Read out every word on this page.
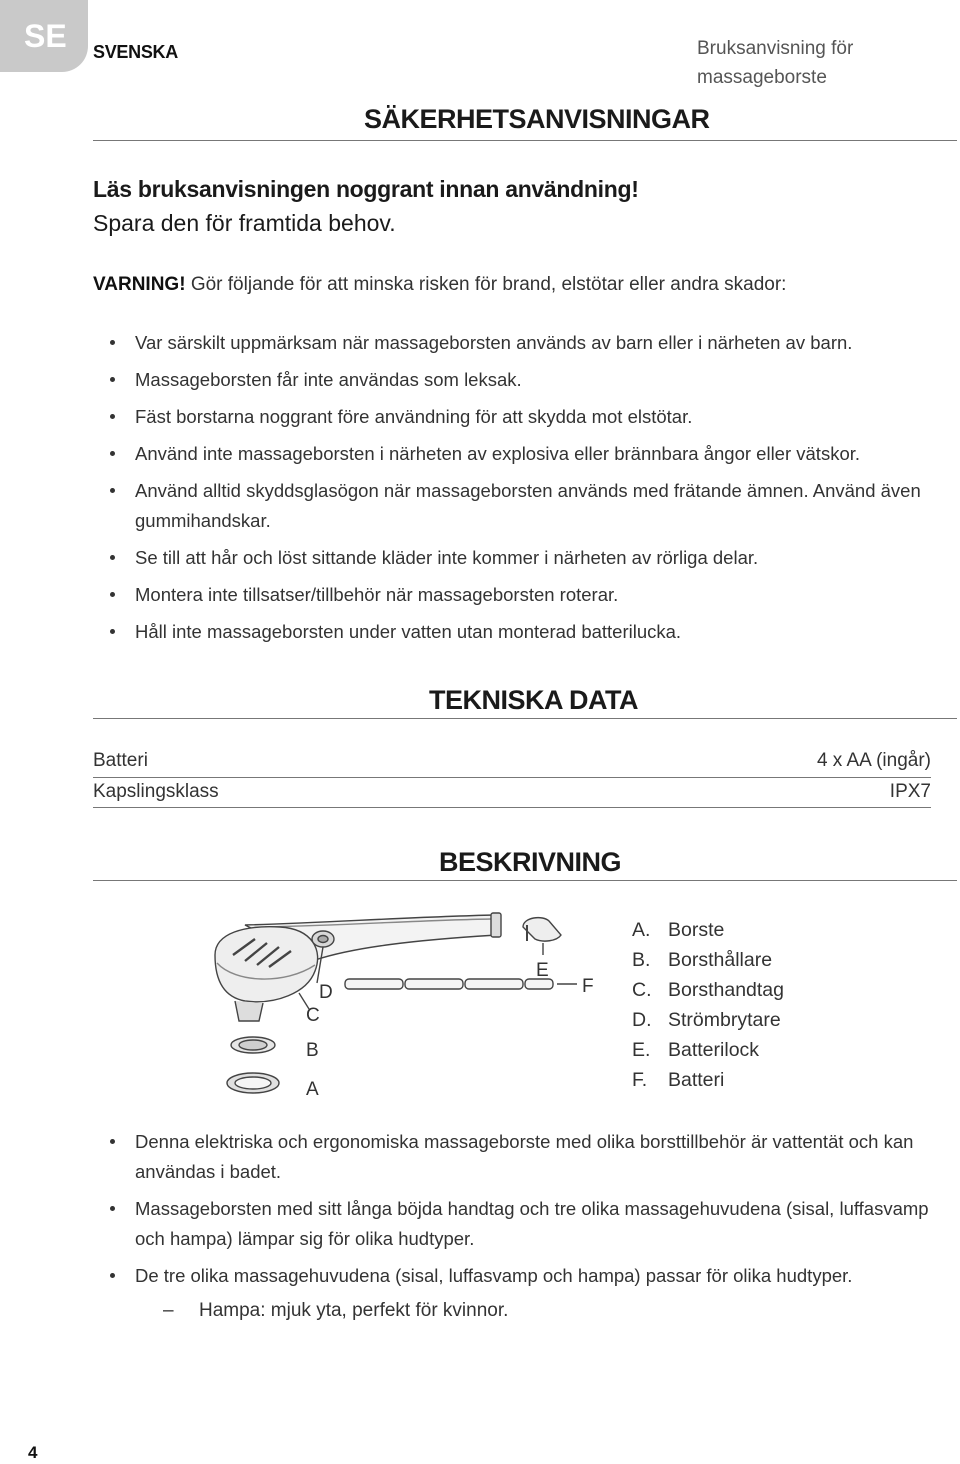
SE SVENSKA	Bruksanvisning för massageborste
SÄKERHETSANVISNINGAR
Läs bruksanvisningen noggrant innan användning!
Spara den för framtida behov.
VARNING! Gör följande för att minska risken för brand, elstötar eller andra skador:
Var särskilt uppmärksam när massageborsten används av barn eller i närheten av barn.
Massageborsten får inte användas som leksak.
Fäst borstarna noggrant före användning för att skydda mot elstötar.
Använd inte massageborsten i närheten av explosiva eller brännbara ångor eller vätskor.
Använd alltid skyddsglasögon när massageborsten används med frätande ämnen. Använd även gummihandskar.
Se till att hår och löst sittande kläder inte kommer i närheten av rörliga delar.
Montera inte tillsatser/tillbehör när massageborsten roterar.
Håll inte massageborsten under vatten utan monterad batterilucka.
TEKNISKA DATA
Batteri	4 x AA (ingår)
Kapslingsklass	IPX7
BESKRIVNING
D
C
B
A
E
F
A. Borste
B. Borsthållare
C. Borsthandtag
D. Strömbrytare
E. Batterilock
F. Batteri
Denna elektriska och ergonomiska massageborste med olika borsttillbehör är vattentät och kan användas i badet.
Massageborsten med sitt långa böjda handtag och tre olika massagehuvudena (sisal, luffasvamp och hampa) lämpar sig för olika hudtyper.
De tre olika massagehuvudena (sisal, luffasvamp och hampa) passar för olika hudtyper.
– Hampa: mjuk yta, perfekt för kvinnor.
4
